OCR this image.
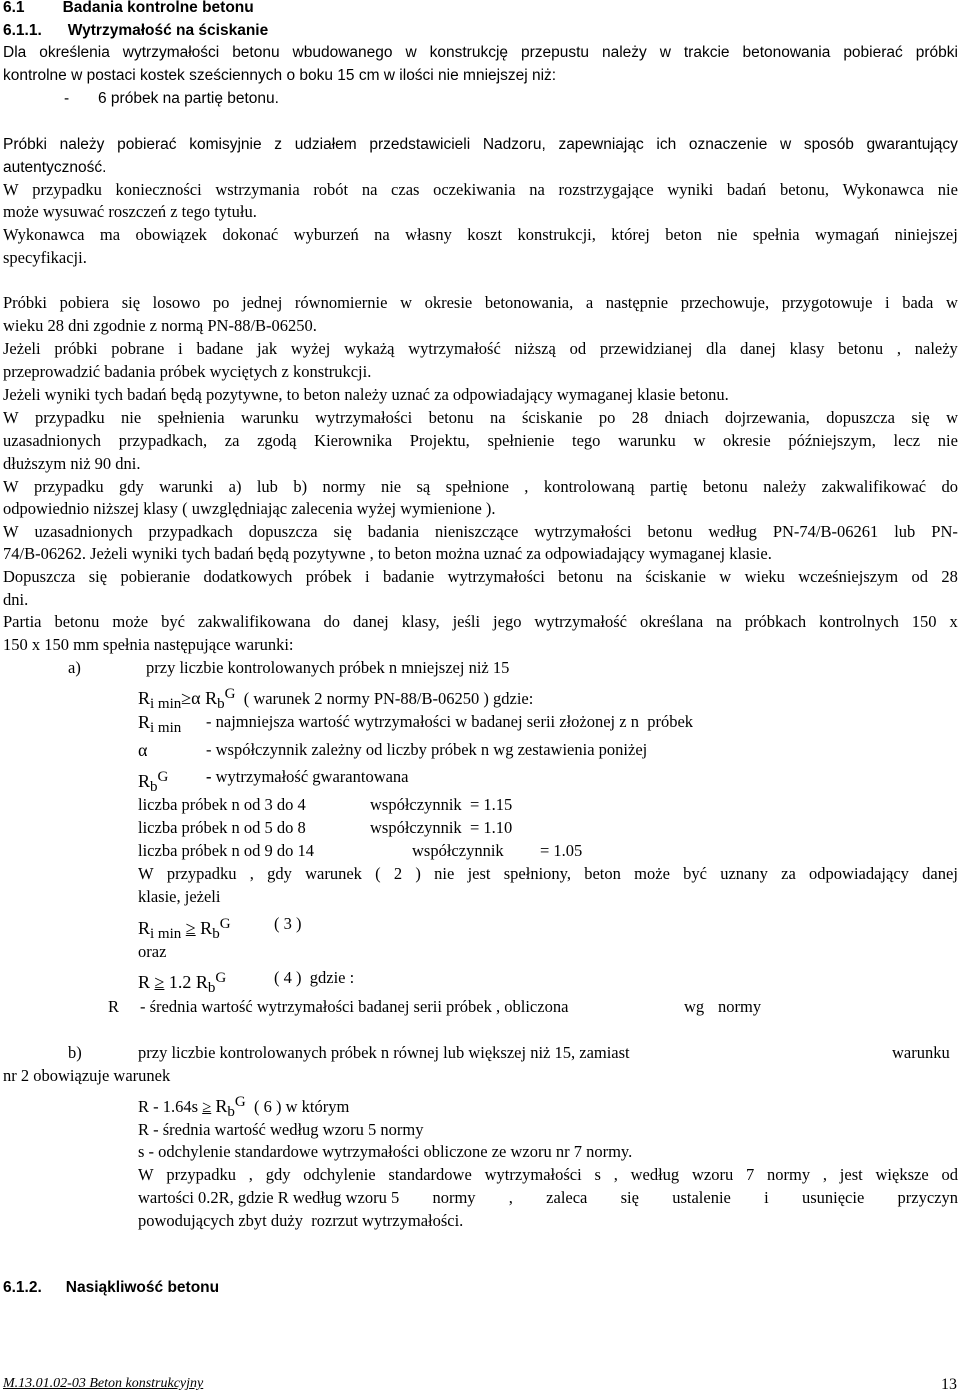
6.1 Badania kontrolne betonu
6.1.1. Wytrzymałość na ściskanie
Dla określenia wytrzymałości betonu wbudowanego w konstrukcję przepustu należy w trakcie betonowania pobierać próbki
kontrolne w postaci kostek sześciennych o boku 15 cm w ilości nie mniejszej niż:
- 6 próbek na partię betonu.
Próbki należy pobierać komisyjnie z udziałem przedstawicieli Nadzoru, zapewniając ich oznaczenie w sposób gwarantujący
autentyczność.
W przypadku konieczności wstrzymania robót na czas oczekiwania na rozstrzygające wyniki badań betonu, Wykonawca nie
może wysuwać roszczeń z tego tytułu.
Wykonawca ma obowiązek dokonać wyburzeń na własny koszt konstrukcji, której beton nie spełnia wymagań niniejszej
specyfikacji.
Próbki pobiera się losowo po jednej równomiernie w okresie betonowania, a następnie przechowuje, przygotowuje i bada w
wieku 28 dni zgodnie z normą PN-88/B-06250.
Jeżeli próbki pobrane i badane jak wyżej wykażą wytrzymałość niższą od przewidzianej dla danej klasy betonu , należy
przeprowadzić badania próbek wyciętych z konstrukcji.
Jeżeli wyniki tych badań będą pozytywne, to beton należy uznać za odpowiadający wymaganej klasie betonu.
W przypadku nie spełnienia warunku wytrzymałości betonu na ściskanie po 28 dniach dojrzewania, dopuszcza się w
uzasadnionych przypadkach, za zgodą Kierownika Projektu, spełnienie tego warunku w okresie późniejszym, lecz nie
dłuższym niż 90 dni.
W przypadku gdy warunki a) lub b) normy nie są spełnione , kontrolowaną partię betonu należy zakwalifikować do
odpowiednio niższej klasy ( uwzględniając zalecenia wyżej wymienione ).
W uzasadnionych przypadkach dopuszcza się badania nieniszczące wytrzymałości betonu według PN-74/B-06261 lub PN-
74/B-06262. Jeżeli wyniki tych badań będą pozytywne , to beton można uznać za odpowiadający wymaganej klasie.
Dopuszcza się pobieranie dodatkowych próbek i badanie wytrzymałości betonu na ściskanie w wieku wcześniejszym od 28
dni.
Partia betonu może być zakwalifikowana do danej klasy, jeśli jego wytrzymałość określana na próbkach kontrolnych 150 x
150 x 150 mm spełnia następujące warunki:
a)	przy liczbie kontrolowanych próbek n mniejszej niż 15
$R_{i min}\ge\alpha$ $R_b^G$ ( warunek 2 normy PN-88/B-06250 ) gdzie:
$R_{i min}$ - najmniejsza wartość wytrzymałości w badanej serii złożonej z n  próbek
α	- współczynnik zależny od liczby próbek n wg zestawienia poniżej
$R_b^G$ - wytrzymałość gwarantowana
liczba próbek n od 3 do 4	współczynnik = 1.15
liczba próbek n od 5 do 8	współczynnik = 1.10
liczba próbek n od 9 do 14	współczynnik = 1.05
W przypadku , gdy warunek ( 2 ) nie jest spełniony, beton może być uznany za odpowiadający danej
klasie, jeżeli
$R_{i min} \ge R_b^G$	( 3 )
oraz
R ≥ 1.2 $R_b^G$	( 4 )  gdzie :
R - średnia wartość wytrzymałości badanej serii próbek , obliczona	wg normy
b)	przy liczbie kontrolowanych próbek n równej lub większej niż 15, zamiast	warunku
nr 2 obowiązuje warunek
R - 1.64s ≥ RbG ( 6 ) w którym
R - średnia wartość według wzoru 5 normy
s - odchylenie standardowe wytrzymałości obliczone ze wzoru nr 7 normy.
W przypadku , gdy odchylenie standardowe wytrzymałości s , według wzoru 7 normy , jest większe od
wartości 0.2R, gdzie R według wzoru 5 normy , zaleca się ustalenie i usunięcie przyczyn
powodujących zbyt duży  rozrzut wytrzymałości.
6.1.2. Nasiąkliwość betonu
M.13.01.02-03 Beton konstrukcyjny	13
